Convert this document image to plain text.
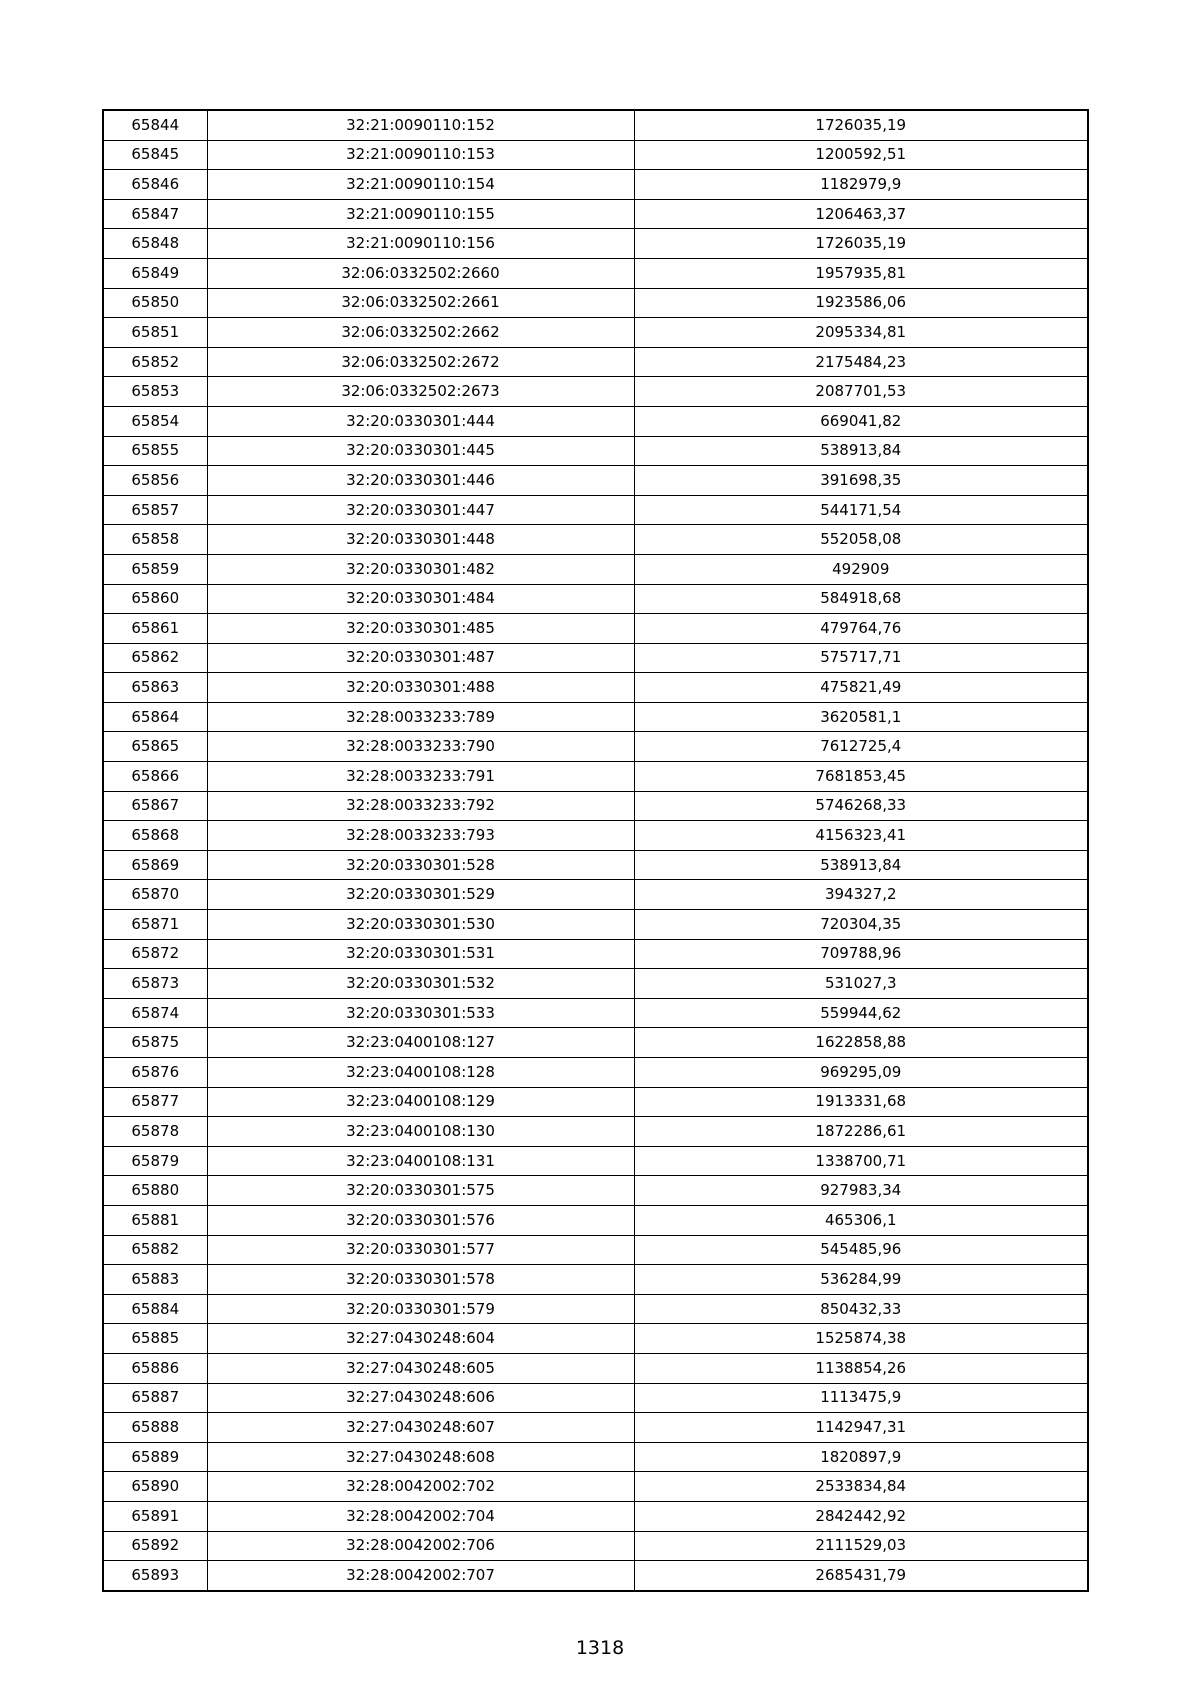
65844	32:21:0090110:152	1726035,19
65845	32:21:0090110:153	1200592,51
65846	32:21:0090110:154	1182979,9
65847	32:21:0090110:155	1206463,37
65848	32:21:0090110:156	1726035,19
65849	32:06:0332502:2660	1957935,81
65850	32:06:0332502:2661	1923586,06
65851	32:06:0332502:2662	2095334,81
65852	32:06:0332502:2672	2175484,23
65853	32:06:0332502:2673	2087701,53
65854	32:20:0330301:444	669041,82
65855	32:20:0330301:445	538913,84
65856	32:20:0330301:446	391698,35
65857	32:20:0330301:447	544171,54
65858	32:20:0330301:448	552058,08
65859	32:20:0330301:482	492909
65860	32:20:0330301:484	584918,68
65861	32:20:0330301:485	479764,76
65862	32:20:0330301:487	575717,71
65863	32:20:0330301:488	475821,49
65864	32:28:0033233:789	3620581,1
65865	32:28:0033233:790	7612725,4
65866	32:28:0033233:791	7681853,45
65867	32:28:0033233:792	5746268,33
65868	32:28:0033233:793	4156323,41
65869	32:20:0330301:528	538913,84
65870	32:20:0330301:529	394327,2
65871	32:20:0330301:530	720304,35
65872	32:20:0330301:531	709788,96
65873	32:20:0330301:532	531027,3
65874	32:20:0330301:533	559944,62
65875	32:23:0400108:127	1622858,88
65876	32:23:0400108:128	969295,09
65877	32:23:0400108:129	1913331,68
65878	32:23:0400108:130	1872286,61
65879	32:23:0400108:131	1338700,71
65880	32:20:0330301:575	927983,34
65881	32:20:0330301:576	465306,1
65882	32:20:0330301:577	545485,96
65883	32:20:0330301:578	536284,99
65884	32:20:0330301:579	850432,33
65885	32:27:0430248:604	1525874,38
65886	32:27:0430248:605	1138854,26
65887	32:27:0430248:606	1113475,9
65888	32:27:0430248:607	1142947,31
65889	32:27:0430248:608	1820897,9
65890	32:28:0042002:702	2533834,84
65891	32:28:0042002:704	2842442,92
65892	32:28:0042002:706	2111529,03
65893	32:28:0042002:707	2685431,79
1318
